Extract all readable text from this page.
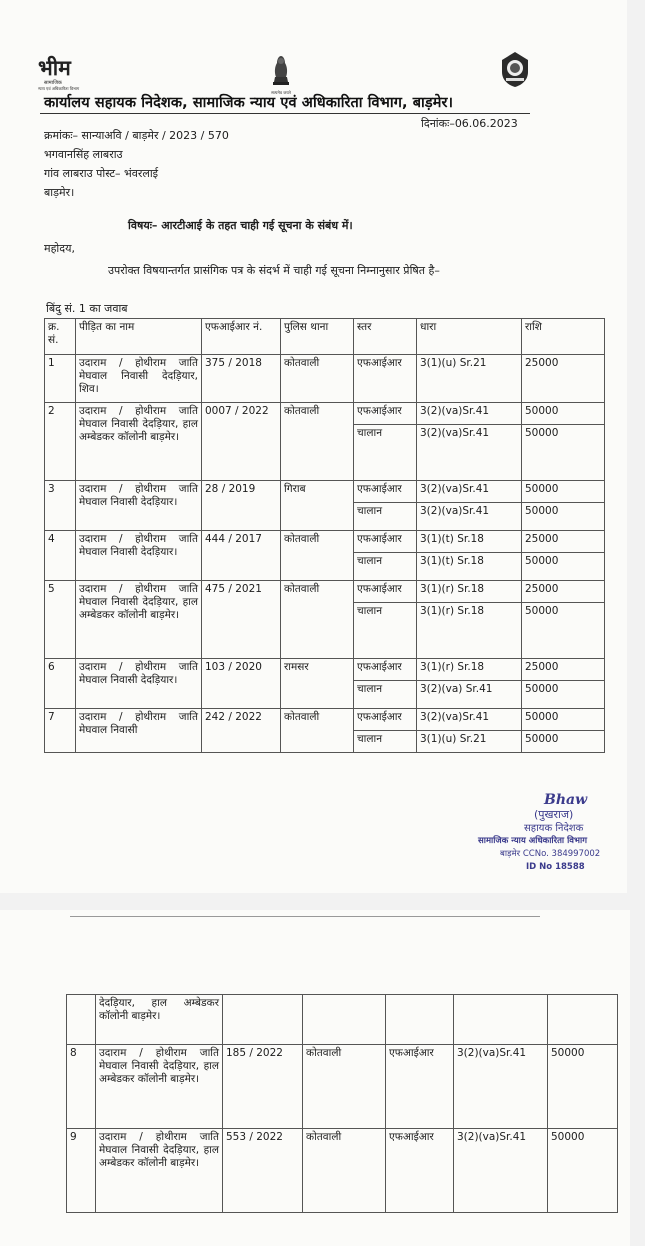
भीम
सामाजिक
न्याय एवं अधिकारिता विभाग
सत्यमेव जयते
कार्यालय सहायक निदेशक, सामाजिक न्याय एवं अधिकारिता विभाग, बाड़मेर।
क्रमांकः– सान्याअवि / बाड़मेर / 2023 / 570
दिनांकः–06.06.2023
भगवानसिंह लाबराउ
गांव लाबराउ पोस्ट– भंवरलाई
बाड़मेर।
विषयः– आरटीआई के तहत चाही गई सूचना के संबंध में।
महोदय,
उपरोक्त विषयान्तर्गत प्रासंगिक पत्र के संदर्भ में चाही गई सूचना निम्नानुसार प्रेषित है–
बिंदु सं. 1 का जवाब
क्र. सं.	पीड़ित का नाम	एफआईआर नं.	पुलिस थाना	स्तर	धारा	राशि
1	उदाराम / होथीराम जाति मेघवाल निवासी देदड़ियार, शिव।	375 / 2018	कोतवाली	एफआईआर	3(1)(u) Sr.21	25000
2	उदाराम / होथीराम जाति मेघवाल निवासी देदड़ियार, हाल अम्बेडकर कॉलोनी बाड़मेर।	0007 / 2022	कोतवाली	एफआईआर	3(2)(va)Sr.41	50000
				चालान	3(2)(va)Sr.41	50000
3	उदाराम / होथीराम जाति मेघवाल निवासी देदड़ियार।	28 / 2019	गिराब	एफआईआर	3(2)(va)Sr.41	50000
				चालान	3(2)(va)Sr.41	50000
4	उदाराम / होथीराम जाति मेघवाल निवासी देदड़ियार।	444 / 2017	कोतवाली	एफआईआर	3(1)(t) Sr.18	25000
				चालान	3(1)(t) Sr.18	50000
5	उदाराम / होथीराम जाति मेघवाल निवासी देदड़ियार, हाल अम्बेडकर कॉलोनी बाड़मेर।	475 / 2021	कोतवाली	एफआईआर	3(1)(r) Sr.18	25000
				चालान	3(1)(r) Sr.18	50000
6	उदाराम / होथीराम जाति मेघवाल निवासी देदड़ियार।	103 / 2020	रामसर	एफआईआर	3(1)(r) Sr.18	25000
				चालान	3(2)(va) Sr.41	50000
7	उदाराम / होथीराम जाति मेघवाल निवासी	242 / 2022	कोतवाली	एफआईआर	3(2)(va)Sr.41	50000
				चालान	3(1)(u) Sr.21	50000
Bhaw
(पुखराज)
सहायक निदेशक
सामाजिक न्याय अधिकारिता विभाग
बाड़मेर CCNo. 384997002
ID No 18588
	देदड़ियार, हाल अम्बेडकर कॉलोनी बाड़मेर।					
8	उदाराम / होथीराम जाति मेघवाल निवासी देदड़ियार, हाल अम्बेडकर कॉलोनी बाड़मेर।	185 / 2022	कोतवाली	एफआईआर	3(2)(va)Sr.41	50000
9	उदाराम / होथीराम जाति मेघवाल निवासी देदड़ियार, हाल अम्बेडकर कॉलोनी बाड़मेर।	553 / 2022	कोतवाली	एफआईआर	3(2)(va)Sr.41	50000
